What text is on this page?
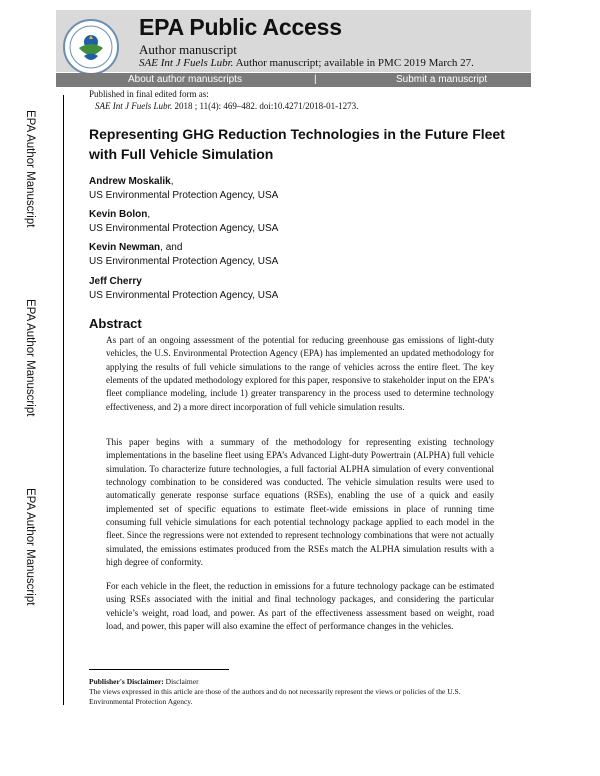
EPA Public Access
Author manuscript
SAE Int J Fuels Lubr. Author manuscript; available in PMC 2019 March 27.
About author manuscripts	|	Submit a manuscript
Published in final edited form as:
SAE Int J Fuels Lubr. 2018 ; 11(4): 469–482. doi:10.4271/2018-01-1273.
EPA Author Manuscript
EPA Author Manuscript
EPA Author Manuscript
Representing GHG Reduction Technologies in the Future Fleet with Full Vehicle Simulation
Andrew Moskalik,
US Environmental Protection Agency, USA
Kevin Bolon,
US Environmental Protection Agency, USA
Kevin Newman, and
US Environmental Protection Agency, USA
Jeff Cherry
US Environmental Protection Agency, USA
Abstract

As part of an ongoing assessment of the potential for reducing greenhouse gas emissions of light-duty vehicles, the U.S. Environmental Protection Agency (EPA) has implemented an updated methodology for applying the results of full vehicle simulations to the range of vehicles across the entire fleet. The key elements of the updated methodology explored for this paper, responsive to stakeholder input on the EPA’s fleet compliance modeling, include 1) greater transparency in the process used to determine technology effectiveness, and 2) a more direct incorporation of full vehicle simulation results.

This paper begins with a summary of the methodology for representing existing technology implementations in the baseline fleet using EPA’s Advanced Light-duty Powertrain (ALPHA) full vehicle simulation. To characterize future technologies, a full factorial ALPHA simulation of every conventional technology combination to be considered was conducted. The vehicle simulation results were used to automatically generate response surface equations (RSEs), enabling the use of a quick and easily implemented set of specific equations to estimate fleet-wide emissions in place of running time consuming full vehicle simulations for each potential technology package applied to each model in the fleet. Since the regressions were not extended to represent technology combinations that were not actually simulated, the emissions estimates produced from the RSEs match the ALPHA simulation results with a high degree of conformity.

For each vehicle in the fleet, the reduction in emissions for a future technology package can be estimated using RSEs associated with the initial and final technology packages, and considering the particular vehicle’s weight, road load, and power. As part of the effectiveness assessment based on weight, road load, and power, this paper will also examine the effect of performance changes in the vehicles.

Publisher's Disclaimer: Disclaimer
The views expressed in this article are those of the authors and do not necessarily represent the views or policies of the U.S. Environmental Protection Agency.
